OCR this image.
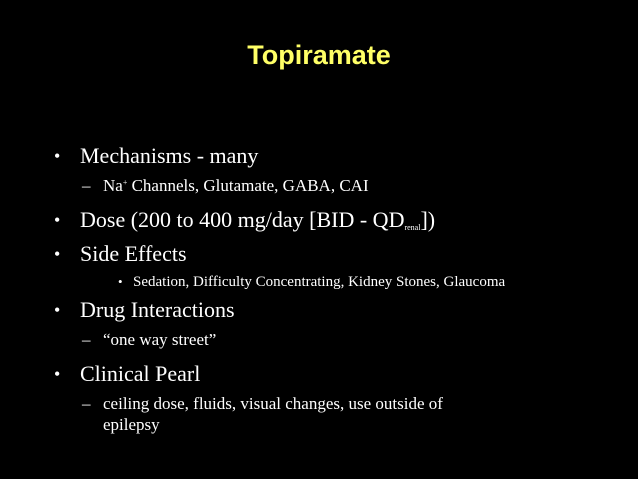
Topiramate
• Mechanisms - many
– Na+ Channels, Glutamate, GABA, CAI
• Dose (200 to 400 mg/day $[BID - QD_{renal}]$)
• Side Effects
• Sedation, Difficulty Concentrating, Kidney Stones, Glaucoma
• Drug Interactions
– “one way street”
• Clinical Pearl
– ceiling dose, fluids, visual changes, use outside of
epilepsy
